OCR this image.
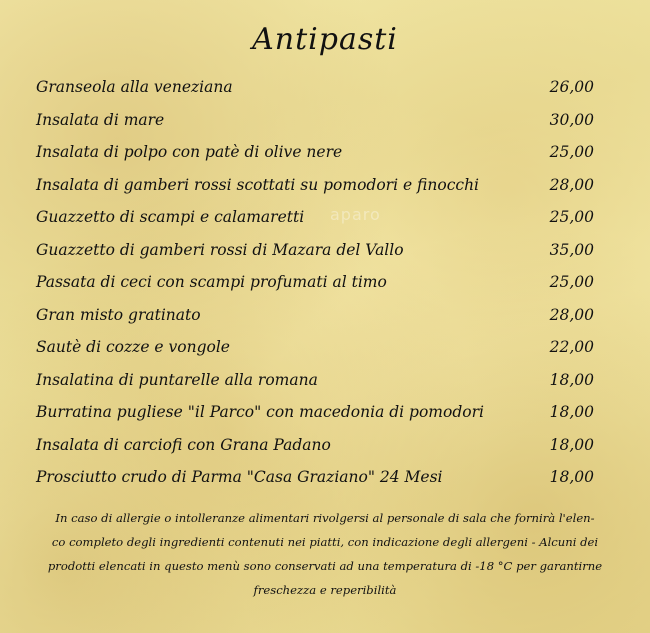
Antipasti
aparo
Granseola alla veneziana	26,00
Insalata di mare	30,00
Insalata di polpo con patè di olive nere	25,00
Insalata di gamberi rossi scottati su pomodori e finocchi	28,00
Guazzetto di scampi e calamaretti	25,00
Guazzetto di gamberi rossi di Mazara del Vallo	35,00
Passata di ceci con scampi profumati al timo	25,00
Gran misto gratinato	28,00
Sautè di cozze e vongole	22,00
Insalatina di puntarelle alla romana	18,00
Burratina pugliese "il Parco" con macedonia di pomodori	18,00
Insalata di carciofi con Grana Padano	18,00
Prosciutto crudo di Parma "Casa Graziano" 24 Mesi	18,00
In caso di allergie o intolleranze alimentari rivolgersi al personale di sala che fornirà l'elen-
co completo degli ingredienti contenuti nei piatti, con indicazione degli allergeni - Alcuni dei
prodotti elencati in questo menù sono conservati ad una temperatura di -18 °C per garantirne
freschezza e reperibilità
